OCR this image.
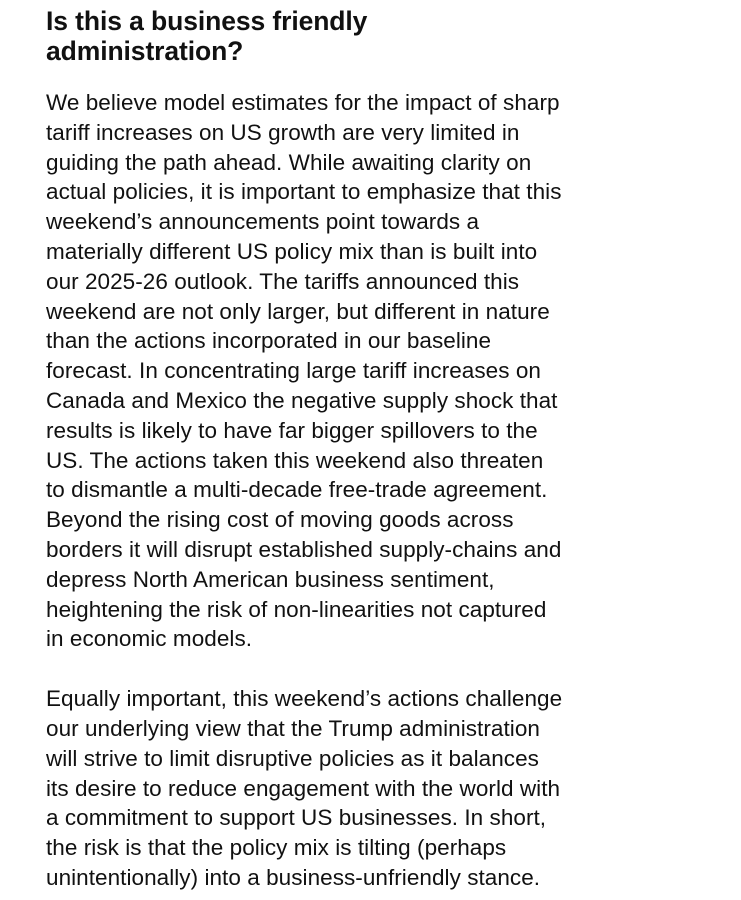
Is this a business friendly
administration?

We believe model estimates for the impact of sharp
tariff increases on US growth are very limited in
guiding the path ahead. While awaiting clarity on
actual policies, it is important to emphasize that this
weekend’s announcements point towards a
materially different US policy mix than is built into
our 2025-26 outlook. The tariffs announced this
weekend are not only larger, but different in nature
than the actions incorporated in our baseline
forecast. In concentrating large tariff increases on
Canada and Mexico the negative supply shock that
results is likely to have far bigger spillovers to the
US. The actions taken this weekend also threaten
to dismantle a multi-decade free-trade agreement.
Beyond the rising cost of moving goods across
borders it will disrupt established supply-chains and
depress North American business sentiment,
heightening the risk of non-linearities not captured
in economic models.

Equally important, this weekend’s actions challenge
our underlying view that the Trump administration
will strive to limit disruptive policies as it balances
its desire to reduce engagement with the world with
a commitment to support US businesses. In short,
the risk is that the policy mix is tilting (perhaps
unintentionally) into a business-unfriendly stance.
